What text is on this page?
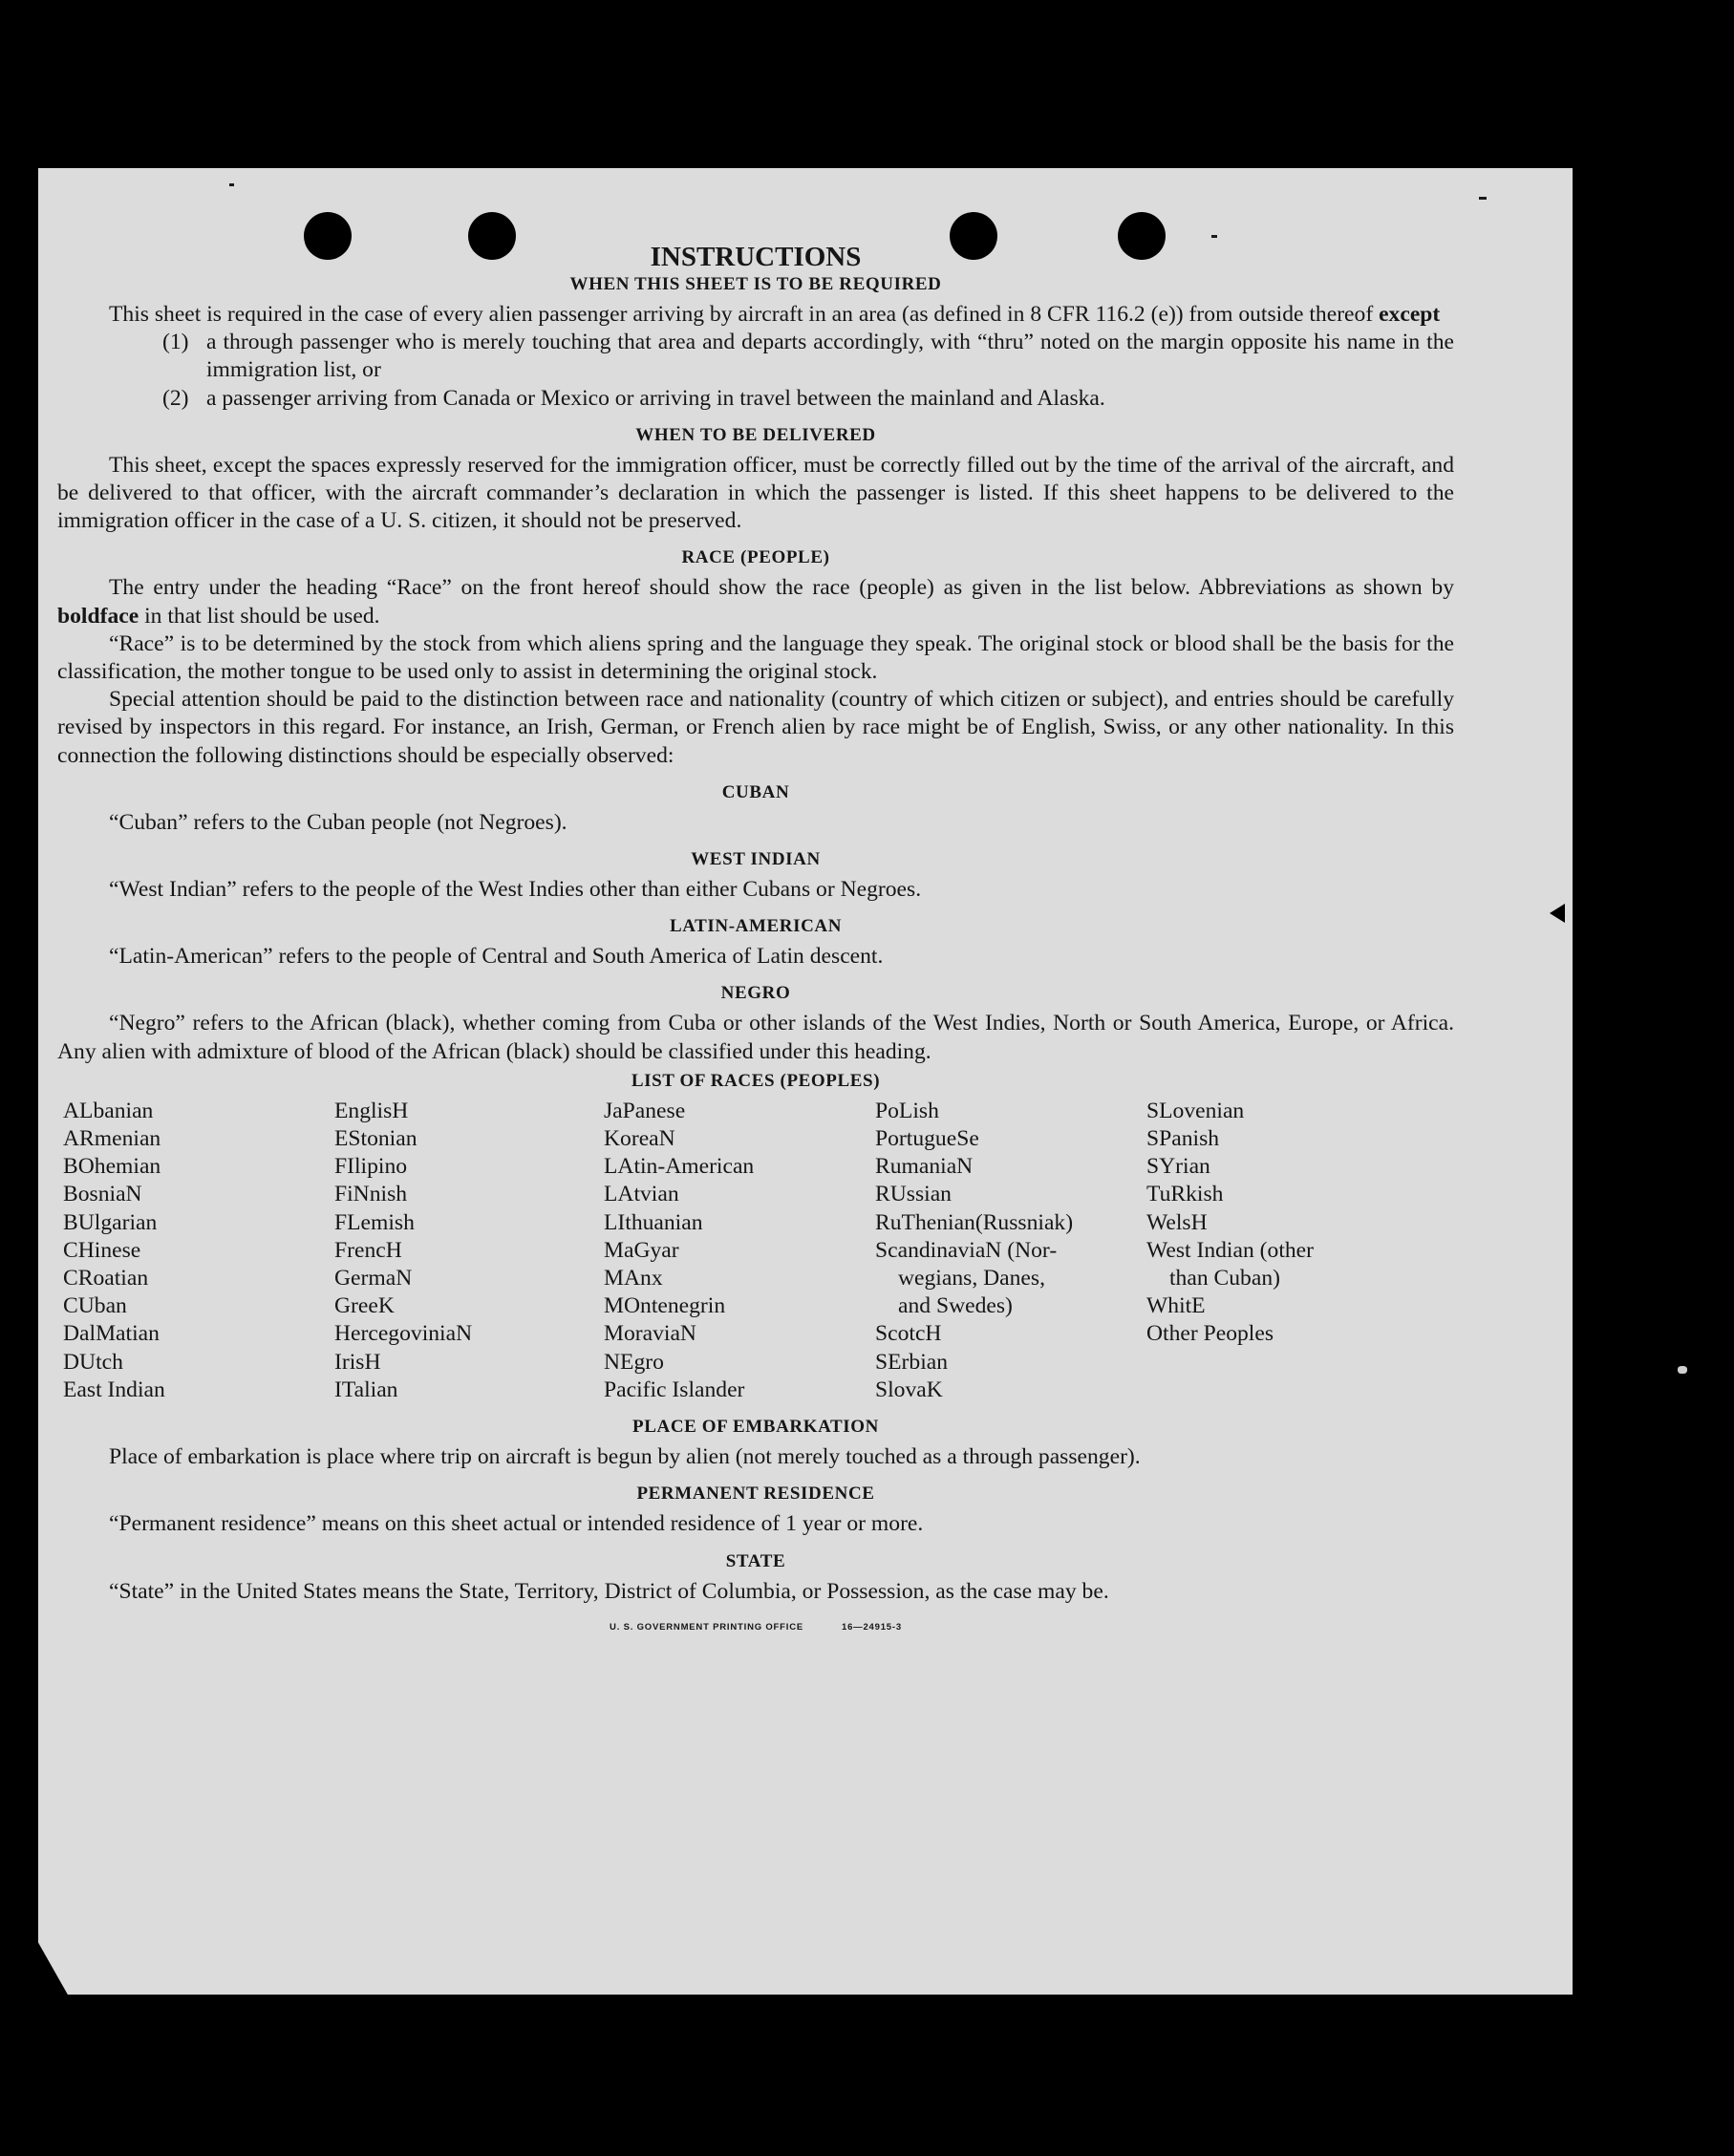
INSTRUCTIONS
WHEN THIS SHEET IS TO BE REQUIRED

This sheet is required in the case of every alien passenger arriving by aircraft in an area (as defined in 8 CFR 116.2 (e)) from outside thereof except

(1) a through passenger who is merely touching that area and departs accordingly, with “thru” noted on the margin opposite his name in the immigration list, or
(2) a passenger arriving from Canada or Mexico or arriving in travel between the mainland and Alaska.
WHEN TO BE DELIVERED

This sheet, except the spaces expressly reserved for the immigration officer, must be correctly filled out by the time of the arrival of the aircraft, and be delivered to that officer, with the aircraft commander’s declaration in which the passenger is listed. If this sheet happens to be delivered to the immigration officer in the case of a U. S. citizen, it should not be preserved.

RACE (PEOPLE)

The entry under the heading “Race” on the front hereof should show the race (people) as given in the list below. Abbreviations as shown by boldface in that list should be used.

“Race” is to be determined by the stock from which aliens spring and the language they speak. The original stock or blood shall be the basis for the classification, the mother tongue to be used only to assist in determining the original stock.

Special attention should be paid to the distinction between race and nationality (country of which citizen or subject), and entries should be carefully revised by inspectors in this regard. For instance, an Irish, German, or French alien by race might be of English, Swiss, or any other nationality. In this connection the following distinctions should be especially observed:

CUBAN

“Cuban” refers to the Cuban people (not Negroes).

WEST INDIAN

“West Indian” refers to the people of the West Indies other than either Cubans or Negroes.

LATIN-AMERICAN

“Latin-American” refers to the people of Central and South America of Latin descent.

NEGRO

“Negro” refers to the African (black), whether coming from Cuba or other islands of the West Indies, North or South America, Europe, or Africa. Any alien with admixture of blood of the African (black) should be classified under this heading.

LIST OF RACES (PEOPLES)
ALbanian
ARmenian
BOhemian
BosniaN
BUlgarian
CHinese
CRoatian
CUban
DalMatian
DUtch
East Indian
EnglisH
EStonian
FIlipino
FiNnish
FLemish
FrencH
GermaN
GreeK
HercegoviniaN
IrisH
ITalian
JaPanese
KoreaN
LAtin-American
LAtvian
LIthuanian
MaGyar
MAnx
MOntenegrin
MoraviaN
NEgro
Pacific Islander
PoLish
PortugueSe
RumaniaN
RUssian
RuThenian(Russniak)
ScandinaviaN (Nor-
wegians, Danes,
and Swedes)
ScotcH
SErbian
SlovaK
SLovenian
SPanish
SYrian
TuRkish
WelsH
West Indian (other
than Cuban)
WhitE
Other Peoples
PLACE OF EMBARKATION

Place of embarkation is place where trip on aircraft is begun by alien (not merely touched as a through passenger).

PERMANENT RESIDENCE

“Permanent residence” means on this sheet actual or intended residence of 1 year or more.

STATE

“State” in the United States means the State, Territory, District of Columbia, or Possession, as the case may be.

U. S. GOVERNMENT PRINTING OFFICE	16—24915-3
